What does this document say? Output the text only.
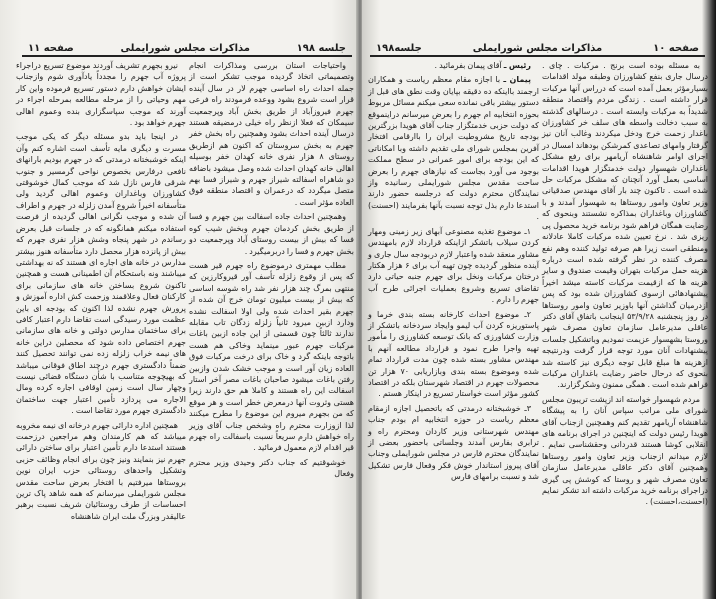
جلسه ۱۹۸
مذاکرات مجلس شورایملی
صفحه ۱۱

واحتیاجات استان بررسی ومذاکرات انجام وتصمیماتی اتخاذ گردیده موجب تشکر است از جمله احداث راه اساسی جهرم لار در سال آینده قرار است شروع بشود ووعده فرمودند راه فرعی جهرم فیروزآباد از طریق بخش آباد وپرجمعیت سیمکان که فعلا ازنظر راه خیلی درمضیقه هستند درسال آینده احداث بشود وهمچنین راه بخش خفر جهرم به بخش سروستان که اکنون هم ازطریق روستای ۸ هزار نفری خانه کهدان خفر بوسیله اهالی خانه کهدان احداث شده وصل میشود باضافه دو شاهراه اسفالته شیراز جهرم و شیراز فسا بهم متصل میگردد که درعمران و اقتصاد منطقه فوق العاده مؤثر است .

وهمچنین احداث جاده اسفالت بین جهرم و فسا از طریق بخش کردمان جهرم وبخش شیب کوه فسا که بیش از بیست روستای آباد وپرجمعیت دو بخش جهرم و فسا را دربرمیگیرد .

مطلب مهمتری درموضوع راه جهرم قیر هست که پس از وقوع زلزله تأسف آور قیروکارزین که منتهی بمرگ چند هزار نفر شد راه شوسه اساسی که بیش از بیست میلیون تومان خرج آن شده از جهرم بقیر احداث شده ولی اولا اسفالت نشده ودارد ازبین میرود ثانیاً زلزله زدگان تاب مقابله ندارند ثالثاً چون قسمتی از این جاده ازبین باغات مرکبات جهرم عبور مینماید وخاکی هم هست باتوجه باینکه گرد و خاک برای درخت مرکبات فوق العاده زیان آور است و موجب خشک شدن وازبین رفتن باغات میشود صاحبان باغات مصر آخر استار اسفالت این راه هستند و کاملا هم حق دارند زیرا هستی وثروت آنها درمعرض خطر است و هر موقع که من بجهرم میروم این موضوع را مطرح میکنند لذا ازوزارت محترم راه وشخص جناب آقای وزیر راه خواهش دارم سریعاً نسبت باسفالت راه جهرم قیر اقدام لازم معمول فرمائید .

خوشوقتیم که جناب دکتر وحیدی وزیر محترم وفعال

نیرو بجهرم تشریف آوردند موضوع تسریع دراجراء پروژه آب جهرم را مجدداً یادآوری شوم وازجناب ایشان خواهش دارم دستور تسریع فرموده واین کار مهم وحیاتی را از مرحله مطالعه بمرحله اجراء در آورند که موجب سپاسگزاری بنده وعموم اهالی جهرم خواهد بود .

در اینجا باید بدو مسئله دیگر که یکی موجب مسرت و دیگری مایه تأسف است اشاره کنم وآن اینکه خوشبختانه درمدتی که در جهرم بودیم بارانهای نافعی درفارس بخصوص نواحی گرمسیر و جنوب شرقی فارس نازل شد که موجب کمال خوشوقتی کشاورزان وباغداران وعموم اهالی گردید ولی متأسفانه اخیراً شروع آمدن زلزله در جهرم و اطراف آن شده و موجب نگرانی اهالی گردیده از فرصت استفاده میکنم همانگونه که در جلسات قبل بعرض رساندم در شهر پنجاه وشش هزار نفری جهرم که بیش از پانزده هزار محصل دارد متأسفانه هنوز بیشتر مدارس در خانه های اجاره ای هستند که نه بهداشتی میباشند ونه باستحکام آن اطمینانی هست و همچنین تاکنون شروع بساختن خانه های سازمانی برای کارکنان فعال وعلاقمند وزحمت کش اداره آموزش و پرورش جهرم نشده لذا اکنون که بودجه ای باین عظمت مورد رسیدگی است تقاضا دارم اعتبار کافی برای ساختمان مدارس دولتی و خانه های سازمانی جهرم اختصاص داده شود که محصلین دراین خانه های نیمه خراب زلزله زده نمی توانند تحصیل کنند ضمناً دادگستری جهرم درچند اطاق فوقانی میباشد که بهیچوجه متناسب با شأن دستگاه قضائی نیست وچهار سال است زمین اوقافی اجاره کرده ومال الاجاره می پردازد تأمین اعتبار جهت ساختمان دادگستری جهرم مورد تقاضا است .

همچنین اداره دارائی جهرم درخانه ای نیمه مخروبه میباشد که هم کارمندان وهم مراجعین درزحمت هستند استدعا دارم تأمین اعتبار برای ساختن دارائی جهرم نیز بنمایند ونیز چون برای انجام وظائف حزبی وتشکیل واحدهای روستائی حزب ایران نوین بروستاها میرفتیم با افتخار بعرض ساحت مقدس مجلس شورایملی میرسانم که همه شاهد پاک ترین احساسات از طرف روستائیان شریف نسبت برهبر عالیقدر وبزرگ ملت ایران شاهنشاه

صفحه ۱۰
مذاکرات مجلس شورایملی
جلسه۱۹۸

به مسئله بوده است برنج . مرکبات . چای . درسال جاری بنفع کشاورزان وطبقه مولد اقدامات بسیارمؤثر بعمل آمده است که درراس آنها مرکبات قرار داشته است . زندگی مردم واقتصاد منطقه شدیداً به مرکبات وابسته است . درسالهای گذشته به سبب دخالت واسطه های سلف خر کشاورزان باغدار زحمت خرج ودخل میکردند وغالب آنان نیز گرفتار وامهای تصاعدی کمرشکن بودهاند امسال در اجرای اوامر شاهنشاه آریامهر برای رفع مشکل باغداران شهسوار دولت خدمتگزار هویدا اقدامات اساسی بعمل آورد آنچنان که مشکل مرکبات حل شده است . تاکنون چند بار آقای مهندس صدقیانی وزیر تعاون وامور روستاها به شهسوار آمدند و با کشاورزان وباغداران بمذاکره نشستند وبنحوی که رضایت همگان فراهم شود برنامه خرید محصول پی ریزی شد . نرخ تعیین شده مرکبات کاملا عادلانه ومنطقی است زیرا هم صرفه تولید کننده وهم نفع مصرف کننده در نظر گرفته شده است درباره هزینه حمل مرکبات بتهران وقیمت صندوق و سایر هزینه ها که ازقیمت مرکبات کاسته میشد اخیراً پیشنهادهائی ازسوی کشاورزان شده بود که پس ازدرمیان گذاشتن آنها باوزیر تعاون وامور روستاها در روز پنجشنبه ۵۳/۹/۲۸ اینجانب باتفاق آقای دکتر عاقلی مدیرعامل سازمان تعاون مصرف شهر وروستا بشهسوار عزیمت نمودیم وباتشکیل جلسات پیشنهادات آنان مورد توجه قرار گرفت ودرنتیجه ازهزینه ها مبلغ قابل توجه دیگری نیز کاسته شد بنحوی که درحال حاضر رضایت باغداران مرکبات فراهم شده است . همگی ممنون وشکرگزارند.

مردم شهسوار خواسته اند ازپشت تریبون مجلس شورای ملی مراتب سپاس آنان را به پیشگاه شاهنشاه آریامهر تقدیم کنم وهمچنین ازجناب آقای هویدا رئیس دولت که اینچنین در اجرای برنامه های انقلابی کوشا هستند قدردانی وحقشناسی نمایم . لازم میدانم ازجناب وزیر تعاون وامور روستاها وهمچنین آقای دکتر عاقلی مدیرعامل سازمان تعاون مصرف شهر و روستا که کوشش پی گیری دراجرای برنامه خرید مرکبات داشته اند تشکر نمایم (احسنت،احسنت) .

رئیس ـ آقای پیمان بفرمائید .

پیمان ـ با اجازه مقام معظم ریاست و همکاران ارجمند بااینکه ده دقیقه بپایان وقت نطق های قبل از دستور بیشتر باقی نمانده سعی میکنم مسائل مربوط بحوزه انتخابیه ام جهرم را بعرض میرسانم دراینموقع که دولت حزبی خدمتگزار جناب آقای هویدا بزرگترین بودجه تاریخ مشروطیت ایران را باارقامی افتخار آفرین بمجلس شورای ملی تقدیم داشته وبا امکاناتی که این بودجه برای امور عمرانی در سطح مملکت بوجود می آورد بجاست که نیازهای جهرم را بعرض ساحت مقدس مجلس شورایملی رسانیده واز نمایندگان محترم دولت که درجلسه حضور دارند استدعا دارم بذل توجه نسبت بآنها بفرمایند (احسنت) .

۱ـ موضوع تغذیه مصنوعی آبهای زیر زمینی ومهار کردن سیلاب باتشکر ازاینکه قرارداد لازم بامهندس مشاور منعقد شده واعتبار لازم دربودجه سال جاری و آینده منظور گردیده چون تهیه آب برای ۶ هزار هکتار درختان مرکبات ونخل برای جهرم جنبه حیاتی دارد تقاضای تسریع وشروع بعملیات اجرائی طرح آب جهرم را دارم .

۲ـ موضوع احداث کارخانه بسته بندی خرما و پاستوریزه کردن آب لیمو وایجاد سردخانه باتشکر از وزارت کشاورزی که بانک توسعه کشاورزی را مأمور تهیه واجرا طرح نمود و قرارداد مطالعه آنهم با مهندس مشاور بسته شده چون مدت قرارداد تمام شده وموضوع بسته بندی وبازاریابی ۷۰ هزار تن محصولات جهرم در اقتصاد شهرستان بلکه در اقتصاد کشور مؤثر است خواستار تسریع در اینکار هستم .

۳ـ خوشبختانه درمدتی که باتحصیل اجازه ازمقام معظم ریاست در حوزه انتخابیه ام بودم جناب مهندس شهرستانی وزیر کاردان ومحترم راه و ترابری بفارس آمدند وجلساتی باحضور بعضی از نمایندگان محترم فارس در مجلس شورایملی وجناب آقای پیروز استاندار خوش فکر وفعال فارس تشکیل شد و نسبت برامهای فارس
